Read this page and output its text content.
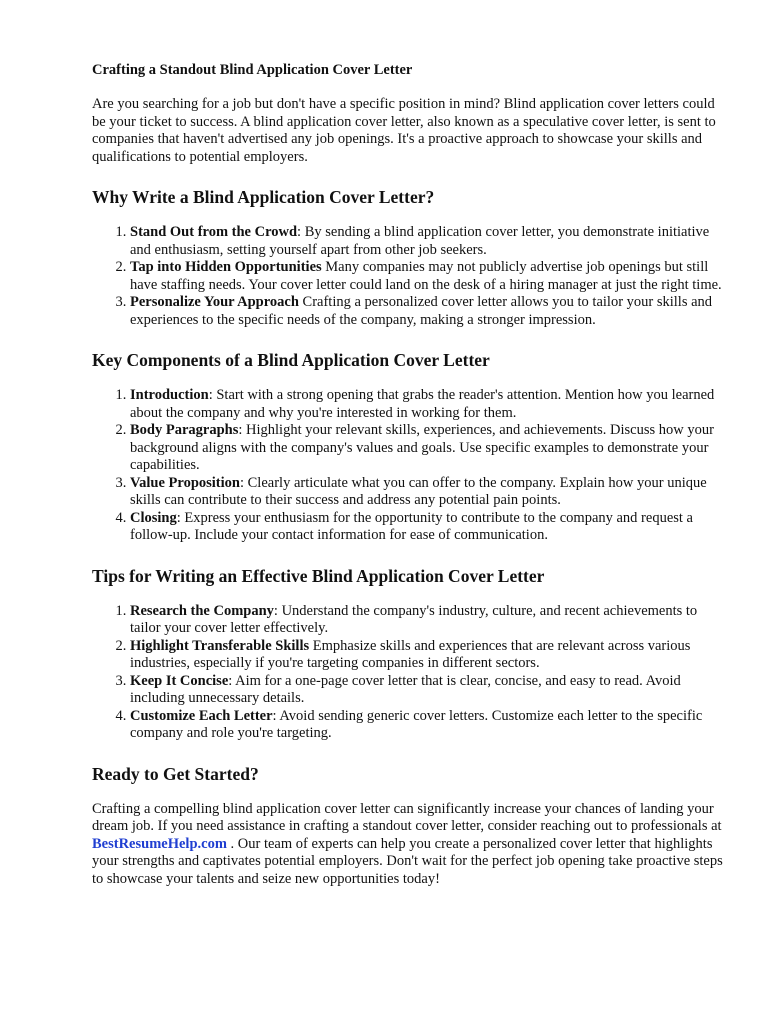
Crafting a Standout Blind Application Cover Letter

Are you searching for a job but don't have a specific position in mind? Blind application cover letters could be your ticket to success. A blind application cover letter, also known as a speculative cover letter, is sent to companies that haven't advertised any job openings. It's a proactive approach to showcase your skills and qualifications to potential employers.

Why Write a Blind Application Cover Letter?
1. Stand Out from the Crowd: By sending a blind application cover letter, you demonstrate initiative and enthusiasm, setting yourself apart from other job seekers.
2. Tap into Hidden Opportunities Many companies may not publicly advertise job openings but still have staffing needs. Your cover letter could land on the desk of a hiring manager at just the right time.
3. Personalize Your Approach Crafting a personalized cover letter allows you to tailor your skills and experiences to the specific needs of the company, making a stronger impression.
Key Components of a Blind Application Cover Letter
1. Introduction: Start with a strong opening that grabs the reader's attention. Mention how you learned about the company and why you're interested in working for them.
2. Body Paragraphs: Highlight your relevant skills, experiences, and achievements. Discuss how your background aligns with the company's values and goals. Use specific examples to demonstrate your capabilities.
3. Value Proposition: Clearly articulate what you can offer to the company. Explain how your unique skills can contribute to their success and address any potential pain points.
4. Closing: Express your enthusiasm for the opportunity to contribute to the company and request a follow-up. Include your contact information for ease of communication.
Tips for Writing an Effective Blind Application Cover Letter
1. Research the Company: Understand the company's industry, culture, and recent achievements to tailor your cover letter effectively.
2. Highlight Transferable Skills Emphasize skills and experiences that are relevant across various industries, especially if you're targeting companies in different sectors.
3. Keep It Concise: Aim for a one-page cover letter that is clear, concise, and easy to read. Avoid including unnecessary details.
4. Customize Each Letter: Avoid sending generic cover letters. Customize each letter to the specific company and role you're targeting.
Ready to Get Started?

Crafting a compelling blind application cover letter can significantly increase your chances of landing your dream job. If you need assistance in crafting a standout cover letter, consider reaching out to professionals at BestResumeHelp.com . Our team of experts can help you create a personalized cover letter that highlights your strengths and captivates potential employers. Don't wait for the perfect job opening take proactive steps to showcase your talents and seize new opportunities today!
